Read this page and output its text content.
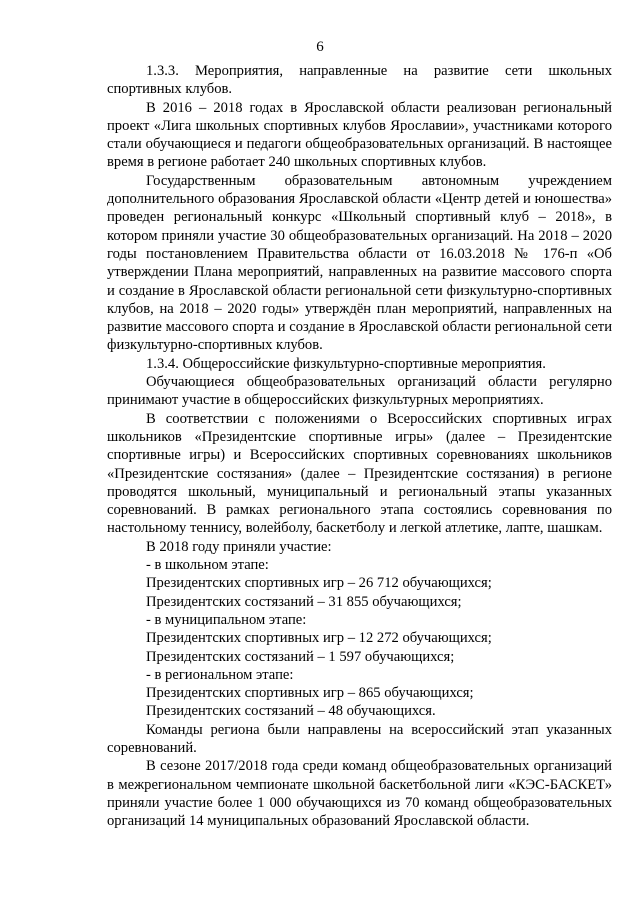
6

1.3.3. Мероприятия, направленные на развитие сети школьных спортивных клубов.

В 2016 – 2018 годах в Ярославской области реализован региональный проект «Лига школьных спортивных клубов Ярославии», участниками которого стали обучающиеся и педагоги общеобразовательных организаций. В настоящее время в регионе работает 240 школьных спортивных клубов.

Государственным образовательным автономным учреждением дополнительного образования Ярославской области «Центр детей и юношества» проведен региональный конкурс «Школьный спортивный клуб – 2018», в котором приняли участие 30 общеобразовательных организаций. На 2018 – 2020 годы постановлением Правительства области от 16.03.2018 № 176-п «Об утверждении Плана мероприятий, направленных на развитие массового спорта и создание в Ярославской области региональной сети физкультурно-спортивных клубов, на 2018 – 2020 годы» утверждён план мероприятий, направленных на развитие массового спорта и создание в Ярославской области региональной сети физкультурно-спортивных клубов.

1.3.4. Общероссийские физкультурно-спортивные мероприятия.

Обучающиеся общеобразовательных организаций области регулярно принимают участие в общероссийских физкультурных мероприятиях.

В соответствии с положениями о Всероссийских спортивных играх школьников «Президентские спортивные игры» (далее – Президентские спортивные игры) и Всероссийских спортивных соревнованиях школьников «Президентские состязания» (далее – Президентские состязания) в регионе проводятся школьный, муниципальный и региональный этапы указанных соревнований. В рамках регионального этапа состоялись соревнования по настольному теннису, волейболу, баскетболу и легкой атлетике, лапте, шашкам.

В 2018 году приняли участие:

- в школьном этапе:

Президентских спортивных игр – 26 712 обучающихся;

Президентских состязаний – 31 855 обучающихся;

- в муниципальном этапе:

Президентских спортивных игр – 12 272 обучающихся;

Президентских состязаний – 1 597 обучающихся;

- в региональном этапе:

Президентских спортивных игр – 865 обучающихся;

Президентских состязаний – 48 обучающихся.

Команды региона были направлены на всероссийский этап указанных соревнований.

В сезоне 2017/2018 года среди команд общеобразовательных организаций в межрегиональном чемпионате школьной баскетбольной лиги «КЭС-БАСКЕТ» приняли участие более 1 000 обучающихся из 70 команд общеобразовательных организаций 14 муниципальных образований Ярославской области.
